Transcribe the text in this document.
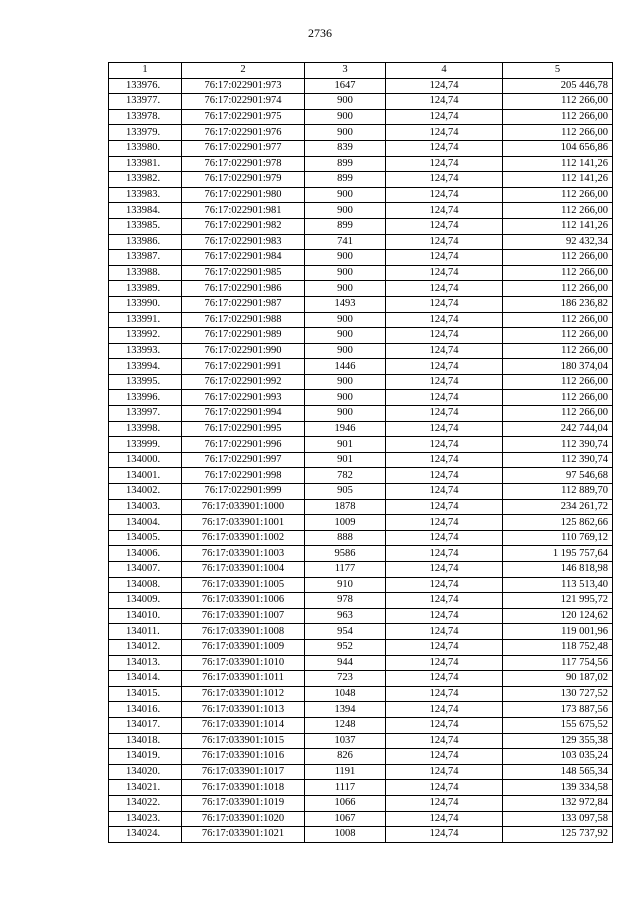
2736
1	2	3	4	5
133976.	76:17:022901:973	1647	124,74	205 446,78
133977.	76:17:022901:974	900	124,74	112 266,00
133978.	76:17:022901:975	900	124,74	112 266,00
133979.	76:17:022901:976	900	124,74	112 266,00
133980.	76:17:022901:977	839	124,74	104 656,86
133981.	76:17:022901:978	899	124,74	112 141,26
133982.	76:17:022901:979	899	124,74	112 141,26
133983.	76:17:022901:980	900	124,74	112 266,00
133984.	76:17:022901:981	900	124,74	112 266,00
133985.	76:17:022901:982	899	124,74	112 141,26
133986.	76:17:022901:983	741	124,74	92 432,34
133987.	76:17:022901:984	900	124,74	112 266,00
133988.	76:17:022901:985	900	124,74	112 266,00
133989.	76:17:022901:986	900	124,74	112 266,00
133990.	76:17:022901:987	1493	124,74	186 236,82
133991.	76:17:022901:988	900	124,74	112 266,00
133992.	76:17:022901:989	900	124,74	112 266,00
133993.	76:17:022901:990	900	124,74	112 266,00
133994.	76:17:022901:991	1446	124,74	180 374,04
133995.	76:17:022901:992	900	124,74	112 266,00
133996.	76:17:022901:993	900	124,74	112 266,00
133997.	76:17:022901:994	900	124,74	112 266,00
133998.	76:17:022901:995	1946	124,74	242 744,04
133999.	76:17:022901:996	901	124,74	112 390,74
134000.	76:17:022901:997	901	124,74	112 390,74
134001.	76:17:022901:998	782	124,74	97 546,68
134002.	76:17:022901:999	905	124,74	112 889,70
134003.	76:17:033901:1000	1878	124,74	234 261,72
134004.	76:17:033901:1001	1009	124,74	125 862,66
134005.	76:17:033901:1002	888	124,74	110 769,12
134006.	76:17:033901:1003	9586	124,74	1 195 757,64
134007.	76:17:033901:1004	1177	124,74	146 818,98
134008.	76:17:033901:1005	910	124,74	113 513,40
134009.	76:17:033901:1006	978	124,74	121 995,72
134010.	76:17:033901:1007	963	124,74	120 124,62
134011.	76:17:033901:1008	954	124,74	119 001,96
134012.	76:17:033901:1009	952	124,74	118 752,48
134013.	76:17:033901:1010	944	124,74	117 754,56
134014.	76:17:033901:1011	723	124,74	90 187,02
134015.	76:17:033901:1012	1048	124,74	130 727,52
134016.	76:17:033901:1013	1394	124,74	173 887,56
134017.	76:17:033901:1014	1248	124,74	155 675,52
134018.	76:17:033901:1015	1037	124,74	129 355,38
134019.	76:17:033901:1016	826	124,74	103 035,24
134020.	76:17:033901:1017	1191	124,74	148 565,34
134021.	76:17:033901:1018	1117	124,74	139 334,58
134022.	76:17:033901:1019	1066	124,74	132 972,84
134023.	76:17:033901:1020	1067	124,74	133 097,58
134024.	76:17:033901:1021	1008	124,74	125 737,92
